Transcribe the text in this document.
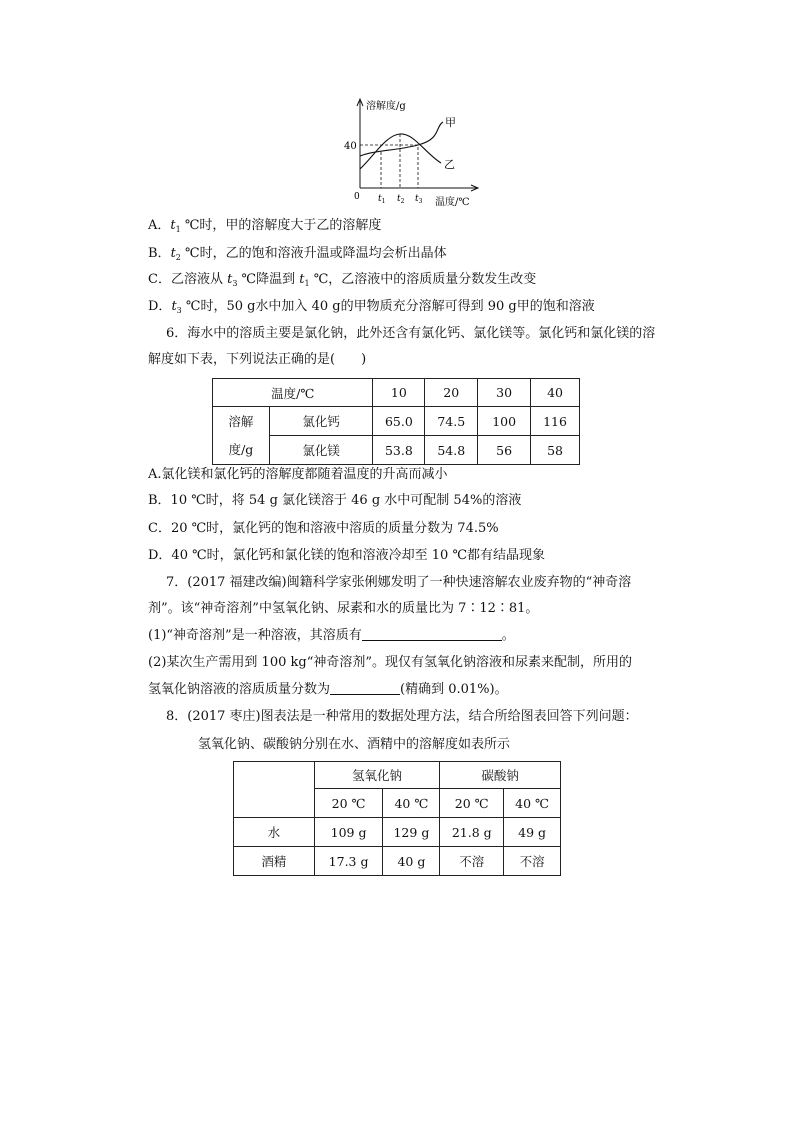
溶解度/g
温度/℃
0
40
$t_1$ $t_2$ $t_3$
甲
乙
A．$t_1$ ℃时，甲的溶解度大于乙的溶解度
B．$t_2$ ℃时，乙的饱和溶液升温或降温均会析出晶体
C．乙溶液从 $t_3$ ℃降温到 $t_1$ ℃，乙溶液中的溶质质量分数发生改变
D．$t_3$ ℃时，50 g水中加入 40 g的甲物质充分溶解可得到 90 g甲的饱和溶液
6．海水中的溶质主要是氯化钠，此外还含有氯化钙、氯化镁等。氯化钙和氯化镁的溶
解度如下表，下列说法正确的是(　　)
温度/℃		10	20	30	40
溶解
度/g	氯化钙	65.0	74.5	100	116
	氯化镁	53.8	54.8	56	58
A.氯化镁和氯化钙的溶解度都随着温度的升高而减小
B．10 ℃时，将 54 g 氯化镁溶于 46 g 水中可配制 54%的溶液
C．20 ℃时，氯化钙的饱和溶液中溶质的质量分数为 74.5%
D．40 ℃时，氯化钙和氯化镁的饱和溶液冷却至 10 ℃都有结晶现象
7．(2017 福建改编)闽籍科学家张俐娜发明了一种快速溶解农业废弃物的“神奇溶
剂”。该“神奇溶剂”中氢氧化钠、尿素和水的质量比为 7∶12∶81。
(1)“神奇溶剂”是一种溶液，其溶质有	。
(2)某次生产需用到 100 kg“神奇溶剂”。现仅有氢氧化钠溶液和尿素来配制，所用的
氢氧化钠溶液的溶质质量分数为	(精确到 0.01%)。
8．(2017 枣庄)图表法是一种常用的数据处理方法，结合所给图表回答下列问题：
氢氧化钠、碳酸钠分别在水、酒精中的溶解度如表所示
	氢氧化钠		碳酸钠	
	20 ℃	40 ℃	20 ℃	40 ℃
水	109 g	129 g	21.8 g	49 g
酒精	17.3 g	40 g	不溶	不溶
